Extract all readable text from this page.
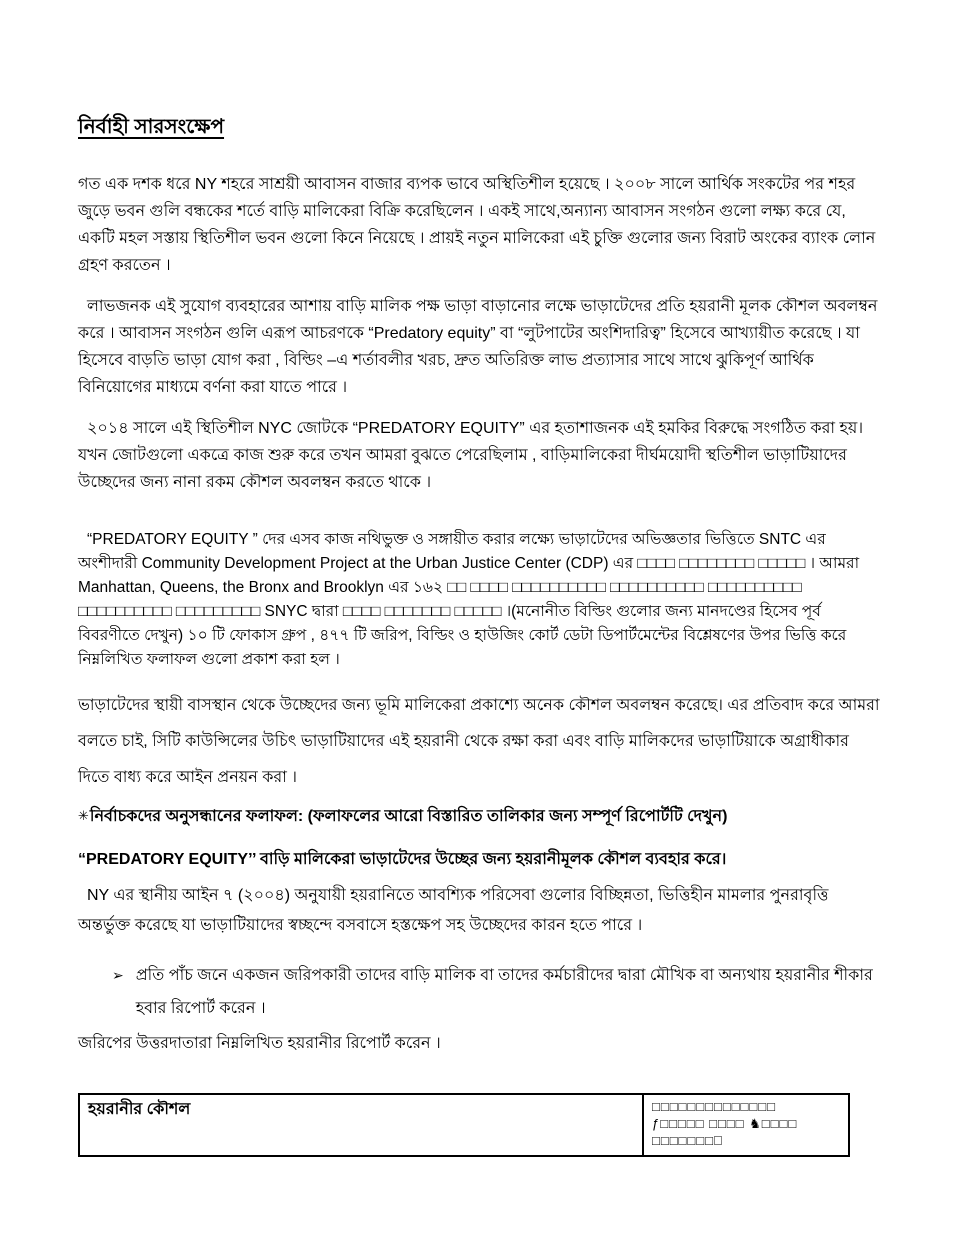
নির্বাহী সারসংক্ষেপ

গত এক দশক ধরে NY শহরে সাশ্রয়ী আবাসন বাজার ব্যপক ভাবে অস্থিতিশীল হয়েছে । ২০০৮ সালে আর্থিক সংকটের পর শহর জুড়ে ভবন গুলি বন্ধকের শর্তে বাড়ি মালিকেরা বিক্রি করেছিলেন । একই সাথে,অন্যান্য আবাসন সংগঠন গুলো লক্ষ্য করে যে, একটি মহল সস্তায় স্থিতিশীল ভবন গুলো কিনে নিয়েছে । প্রায়ই নতুন মালিকেরা এই চুক্তি গুলোর জন্য বিরাট অংকের ব্যাংক লোন গ্রহণ করতেন ।

লাভজনক এই সুযোগ ব্যবহারের আশায় বাড়ি মালিক পক্ষ ভাড়া বাড়ানোর লক্ষে ভাড়াটেদের প্রতি হয়রানী মূলক কৌশল অবলম্বন করে । আবাসন সংগঠন গুলি এরূপ আচরণকে “Predatory equity” বা “লুটপাটের অংশিদারিত্ব” হিসেবে আখ্যায়ীত করেছে । যা হিসেবে বাড়তি ভাড়া যোগ করা , বিল্ডিং –এ শর্তাবলীর খরচ, দ্রুত অতিরিক্ত লাভ প্রত্যাসার সাথে সাথে ঝুকিপূর্ণ আর্থিক বিনিয়োগের মাধ্যমে বর্ণনা করা যাতে পারে ।

২০১৪ সালে এই স্থিতিশীল NYC জোটকে “PREDATORY EQUITY” এর হতাশাজনক এই হমকির বিরুদ্ধে সংগঠিত করা হয়। যখন জোটগুলো একত্রে কাজ শুরু করে তখন আমরা বুঝতে পেরেছিলাম , বাড়িমালিকেরা দীর্ঘময়োদী স্থতিশীল ভাড়াটিয়াদের উচ্ছেদের জন্য নানা রকম কৌশল অবলম্বন করতে থাকে ।

“PREDATORY EQUITY ” দের এসব কাজ নথিভুক্ত ও সঙ্গায়ীত করার লক্ষ্যে ভাড়াটেদের অভিজ্ঞতার ভিত্তিতে SNTC এর অংশীদারী Community Development Project at the Urban Justice Center (CDP) এর □□□□ □□□□□□□□ □□□□□ । আমরা Manhattan, Queens, the Bronx and Brooklyn এর ১৬২ □□ □□□□ □□□□□□□□□□ □□□□□□□□□□ □□□□□□□□□□ □□□□□□□□□□ □□□□□□□□□ SNYC দ্বারা □□□□ □□□□□□□ □□□□□ ।(মনোনীত বিল্ডিং গুলোর জন্য মানদণ্ডের হিসেব পূর্ব বিবরণীতে দেখুন) ১০ টি ফোকাস গ্রুপ , ৪৭৭ টি জরিপ, বিল্ডিং ও হাউজিং কোর্ট ডেটা ডিপার্টমেন্টের বিশ্লেষণের উপর ভিত্তি করে নিম্নলিখিত ফলাফল গুলো প্রকাশ করা হল ।

ভাড়াটেদের স্থায়ী বাসস্থান থেকে উচ্ছেদের জন্য ভূমি মালিকেরা প্রকাশ্যে অনেক কৌশল অবলম্বন করেছে। এর প্রতিবাদ করে আমরা বলতে চাই, সিটি কাউন্সিলের উচিৎ ভাড়াটিয়াদের এই হয়রানী থেকে রক্ষা করা এবং বাড়ি মালিকদের ভাড়াটিয়াকে অগ্রাধীকার দিতে বাধ্য করে আইন প্রনয়ন করা ।

✳নির্বাচকদের অনুসন্ধানের ফলাফল: (ফলাফলের আরো বিস্তারিত তালিকার জন্য সম্পূর্ণ রিপোর্টটি দেখুন)

“PREDATORY EQUITY’’ বাড়ি মালিকেরা ভাড়াটেদের উচ্ছের জন্য হয়রানীমূলক কৌশল ব্যবহার করে।

NY এর স্থানীয় আইন ৭ (২০০৪) অনুযায়ী হয়রানিতে আবশ্যিক পরিসেবা গুলোর বিচ্ছিন্নতা, ভিত্তিহীন মামলার পুনরাবৃত্তি অন্তর্ভুক্ত করেছে যা ভাড়াটিয়াদের স্বচ্ছন্দে বসবাসে হস্তক্ষেপ সহ উচ্ছেদের কারন হতে পারে ।

➢ প্রতি পাঁচ জনে একজন জরিপকারী তাদের বাড়ি মালিক বা তাদের কর্মচারীদের দ্বারা মৌখিক বা অন্যথায় হয়রানীর শীকার হবার রিপোর্ট করেন ।

জরিপের উত্তরদাতারা নিম্নলিখিত হয়রানীর রিপোর্ট করেন ।

হয়রানীর কৌশল	□□□□□□□□□□□□□□
ƒ□□□□□ □□□□ ♞□□□□
□□□□□□□ঃ
